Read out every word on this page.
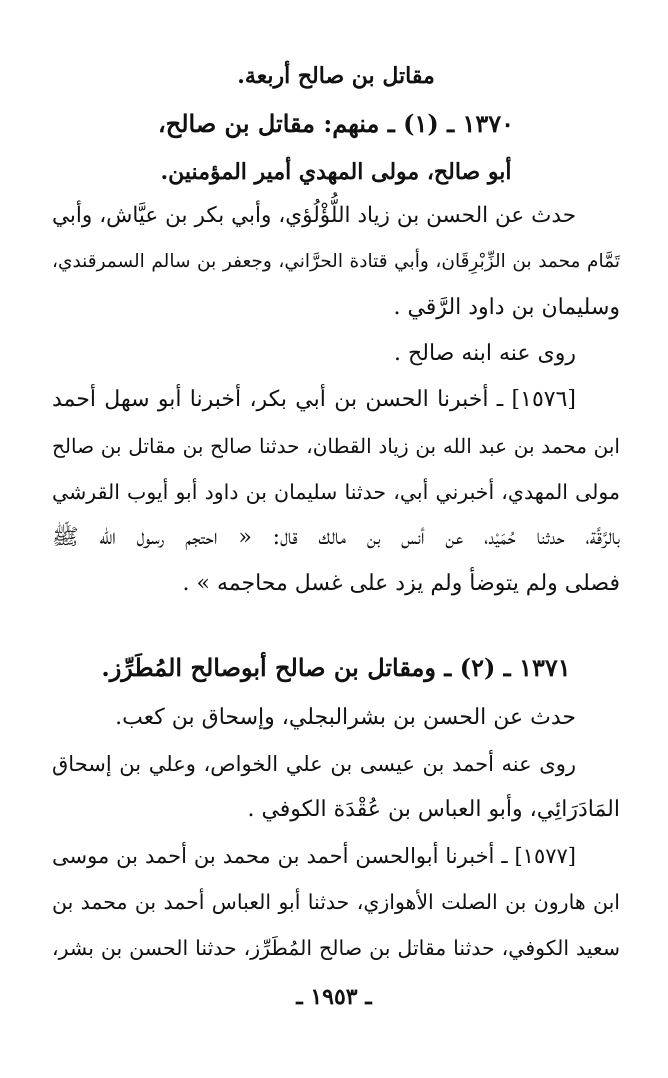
مقاتل بن صالح أربعة.
١٣٧٠ ـ (١) ـ منهم: مقاتل بن صالح،
أبو صالح، مولى المهدي أمير المؤمنين.
حدث عن الحسن بن زياد اللُّؤْلُؤي، وأبي بكر بن عيَّاش، وأبي
تَمَّام محمد بن الزِّبْرِقَان، وأبي قتادة الحرَّاني، وجعفر بن سالم السمرقندي،
وسليمان بن داود الرَّقي .
روى عنه ابنه صالح .
[١٥٧٦] ـ أخبرنا الحسن بن أبي بكر، أخبرنا أبو سهل أحمد
ابن محمد بن عبد الله بن زياد القطان، حدثنا صالح بن مقاتل بن صالح
مولى المهدي، أخبرني أبي، حدثنا سليمان بن داود أبو أيوب القرشي
بالرَّقَّة، حدثنا حُمَيْد، عن أنس بن مالك قال: « احتجم رسول الله ﷺ
فصلى ولم يتوضأ ولم يزد على غسل محاجمه » .
١٣٧١ ـ (٢) ـ ومقاتل بن صالح أبوصالح المُطَرِّز.
حدث عن الحسن بن بشرالبجلي، وإسحاق بن كعب.
روى عنه أحمد بن عيسى بن علي الخواص، وعلي بن إسحاق
المَادَرَائِي، وأبو العباس بن عُقْدَة الكوفي .
[١٥٧٧] ـ أخبرنا أبوالحسن أحمد بن محمد بن أحمد بن موسى
ابن هارون بن الصلت الأهوازي، حدثنا أبو العباس أحمد بن محمد بن
سعيد الكوفي، حدثنا مقاتل بن صالح المُطَرِّز، حدثنا الحسن بن بشر،
ـ ١٩٥٣ ـ
